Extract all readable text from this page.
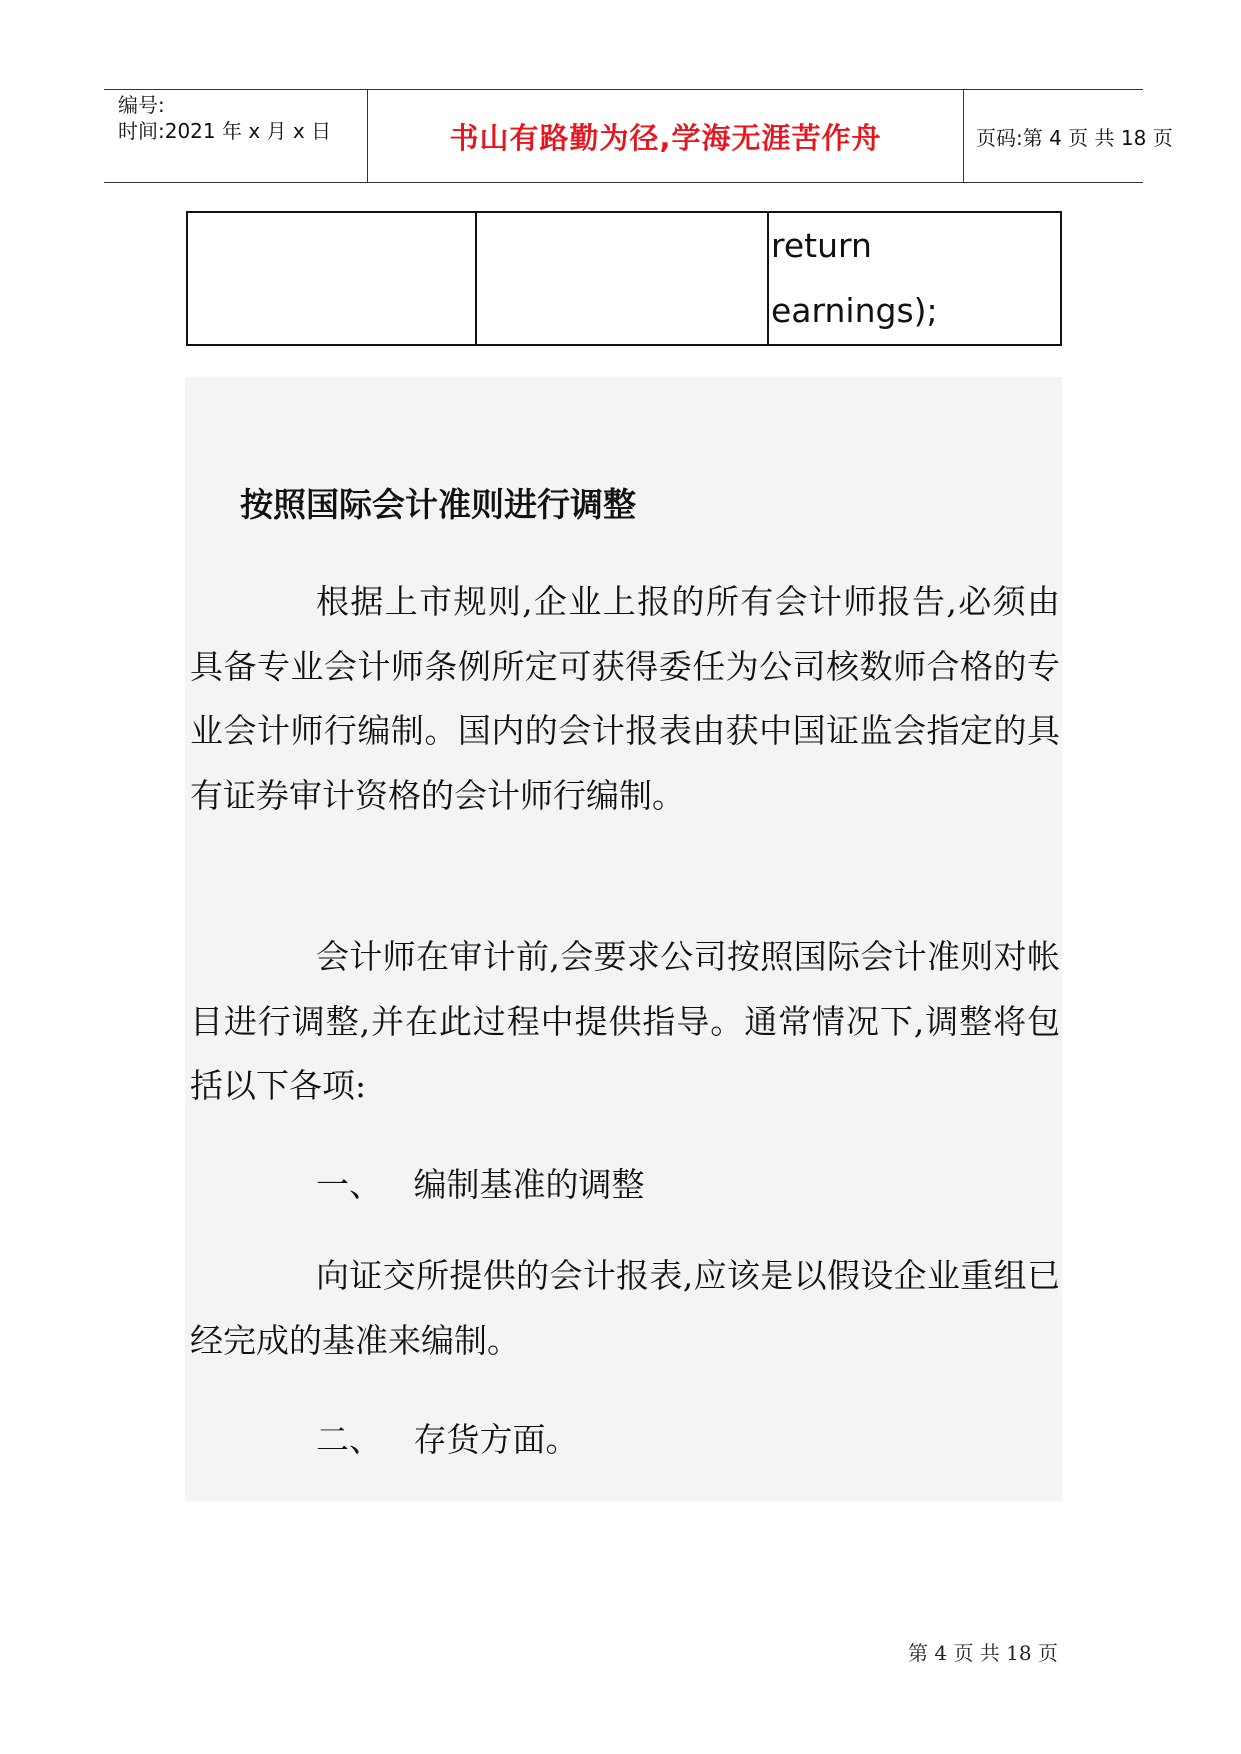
编号:
时间:2021 年 x 月 x 日	书山有路勤为径,学海无涯苦作舟	页码:第 4 页 共 18 页
		return
earnings);
按照国际会计准则进行调整

根据上市规则,企业上报的所有会计师报告,必须由具备专业会计师条例所定可获得委任为公司核数师合格的专业会计师行编制。国内的会计报表由获中国证监会指定的具有证券审计资格的会计师行编制。

会计师在审计前,会要求公司按照国际会计准则对帐目进行调整,并在此过程中提供指导。通常情况下,调整将包括以下各项:

一、   编制基准的调整

向证交所提供的会计报表,应该是以假设企业重组已经完成的基准来编制。

二、   存货方面。
第 4 页 共 18 页
